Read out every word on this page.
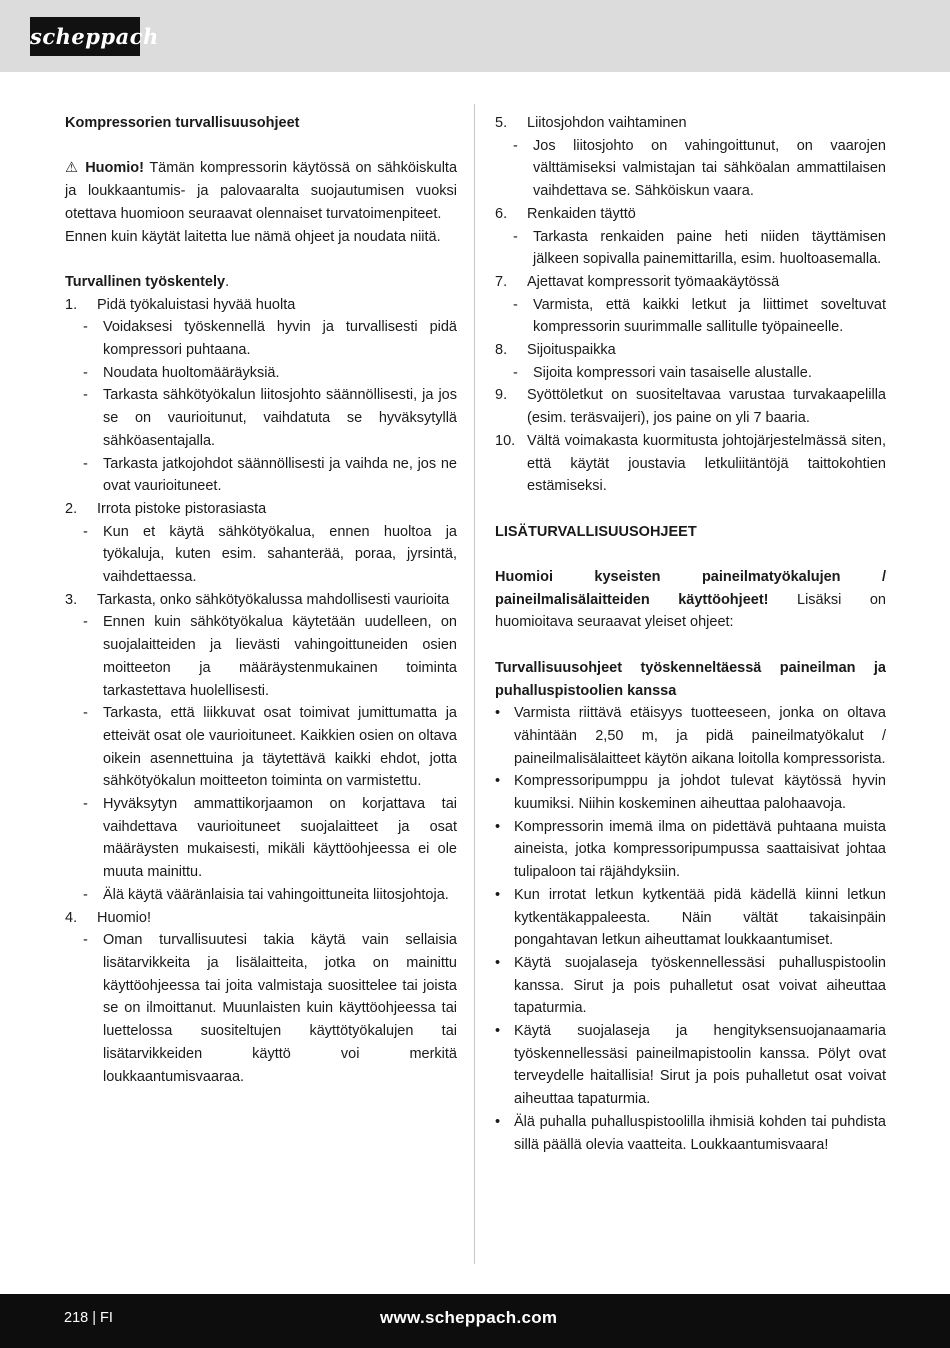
scheppach

Kompressorien turvallisuusohjeet

⚠ Huomio! Tämän kompressorin käytössä on sähköiskulta ja loukkaantumis- ja palovaaralta suojautumisen vuoksi otettava huomioon seuraavat olennaiset turvatoimenpiteet.

Ennen kuin käytät laitetta lue nämä ohjeet ja noudata niitä.

Turvallinen työskentely.

1.	Pidä työkaluistasi hyvää huolta
-	Voidaksesi työskennellä hyvin ja turvallisesti pidä kompressori puhtaana.
-	Noudata huoltomääräyksiä.
-	Tarkasta sähkötyökalun liitosjohto säännöllisesti, ja jos se on vaurioitunut, vaihdatuta se hyväksytyllä sähköasentajalla.
-	Tarkasta jatkojohdot säännöllisesti ja vaihda ne, jos ne ovat vaurioituneet.
2.	Irrota pistoke pistorasiasta
-	Kun et käytä sähkötyökalua, ennen huoltoa ja työkaluja, kuten esim. sahanterää, poraa, jyrsintä, vaihdettaessa.
3.	Tarkasta, onko sähkötyökalussa mahdollisesti vaurioita
-	Ennen kuin sähkötyökalua käytetään uudelleen, on suojalaitteiden ja lievästi vahingoittuneiden osien moitteeton ja määräystenmukainen toiminta tarkastettava huolellisesti.
-	Tarkasta, että liikkuvat osat toimivat jumittumatta ja etteivät osat ole vaurioituneet. Kaikkien osien on oltava oikein asennettuina ja täytettävä kaikki ehdot, jotta sähkötyökalun moitteeton toiminta on varmistettu.
-	Hyväksytyn ammattikorjaamon on korjattava tai vaihdettava vaurioituneet suojalaitteet ja osat määräysten mukaisesti, mikäli käyttöohjeessa ei ole muuta mainittu.
-	Älä käytä vääränlaisia tai vahingoittuneita liitosjohtoja.
4.	Huomio!
-	Oman turvallisuutesi takia käytä vain sellaisia lisätarvikkeita ja lisälaitteita, jotka on mainittu käyttöohjeessa tai joita valmistaja suosittelee tai joista se on ilmoittanut. Muunlaisten kuin käyttöohjeessa tai luettelossa suositeltujen käyttötyökalujen tai lisätarvikkeiden käyttö voi merkitä loukkaantumisvaaraa.
5.	Liitosjohdon vaihtaminen
-	Jos liitosjohto on vahingoittunut, on vaarojen välttämiseksi valmistajan tai sähköalan ammattilaisen vaihdettava se. Sähköiskun vaara.
6.	Renkaiden täyttö
-	Tarkasta renkaiden paine heti niiden täyttämisen jälkeen sopivalla painemittarilla, esim. huoltoasemalla.
7.	Ajettavat kompressorit työmaakäytössä
-	Varmista, että kaikki letkut ja liittimet soveltuvat kompressorin suurimmalle sallitulle työpaineelle.
8.	Sijoituspaikka
-	Sijoita kompressori vain tasaiselle alustalle.
9.	Syöttöletkut on suositeltavaa varustaa turvakaapelilla (esim. teräsvaijeri), jos paine on yli 7 baaria.
10. Vältä voimakasta kuormitusta johtojärjestelmässä siten, että käytät joustavia letkuliitäntöjä taittokohtien estämiseksi.

LISÄTURVALLISUUSOHJEET

Huomioi kyseisten paineilmatyökalujen / paineilmalisälaitteiden käyttöohjeet! Lisäksi on huomioitava seuraavat yleiset ohjeet:

Turvallisuusohjeet työskenneltäessä paineilman ja puhalluspistoolien kanssa

• Varmista riittävä etäisyys tuotteeseen, jonka on oltava vähintään 2,50 m, ja pidä paineilmatyökalut / paineilmalisälaitteet käytön aikana loitolla kompressorista.
• Kompressoripumppu ja johdot tulevat käytössä hyvin kuumiksi. Niihin koskeminen aiheuttaa palohaavoja.
• Kompressorin imemä ilma on pidettävä puhtaana muista aineista, jotka kompressoripumpussa saattaisivat johtaa tulipaloon tai räjähdyksiin.
• Kun irrotat letkun kytkentää pidä kädellä kiinni letkun kytkentäkappaleesta. Näin vältät takaisinpäin pongahtavan letkun aiheuttamat loukkaantumiset.
• Käytä suojalaseja työskennellessäsi puhalluspistoolin kanssa. Sirut ja pois puhalletut osat voivat aiheuttaa tapaturmia.
• Käytä suojalaseja ja hengityksensuojanaamaria työskennellessäsi paineilmapistoolin kanssa. Pölyt ovat terveydelle haitallisia! Sirut ja pois puhalletut osat voivat aiheuttaa tapaturmia.
• Älä puhalla puhalluspistoolilla ihmisiä kohden tai puhdista sillä päällä olevia vaatteita. Loukkaantumisvaara!
218 | FI	www.scheppach.com
